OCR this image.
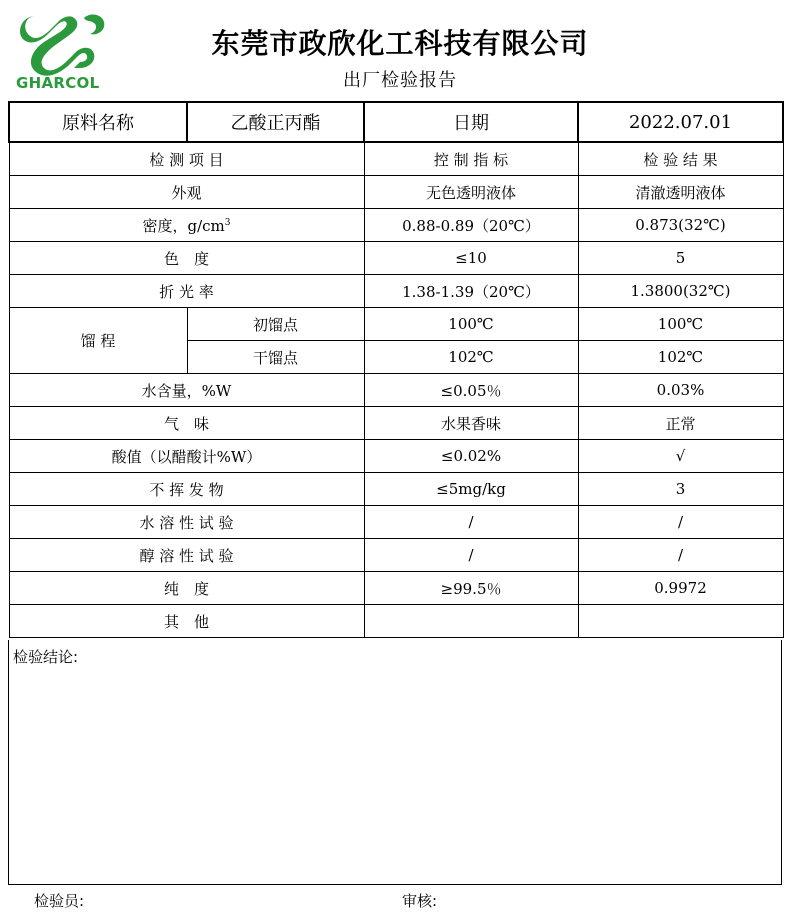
GHARCOL
东莞市政欣化工科技有限公司
出厂检验报告
原料名称	乙酸正丙酯	日期	2022.07.01
检 测 项 目		控 制 指 标	检 验 结 果
外观		无色透明液体	清澈透明液体
密度，$g/cm^3$		0.88-0.89（20℃）	0.873(32℃)
色　度		≤10	5
折 光 率		1.38-1.39（20℃）	1.3800(32℃)
馏 程	初馏点	100℃	100℃
	干馏点	102℃	102℃
水含量，%W		≤0.05％	0.03%
气　味		水果香味	正常
酸值（以醋酸计%W）		≤0.02%	√
不 挥 发 物		≤5mg/kg	3
水 溶 性 试 验		/	/
醇 溶 性 试 验		/	/
纯　度		≥99.5％	0.9972
其　他			
检验结论:
检验员:	审核:
